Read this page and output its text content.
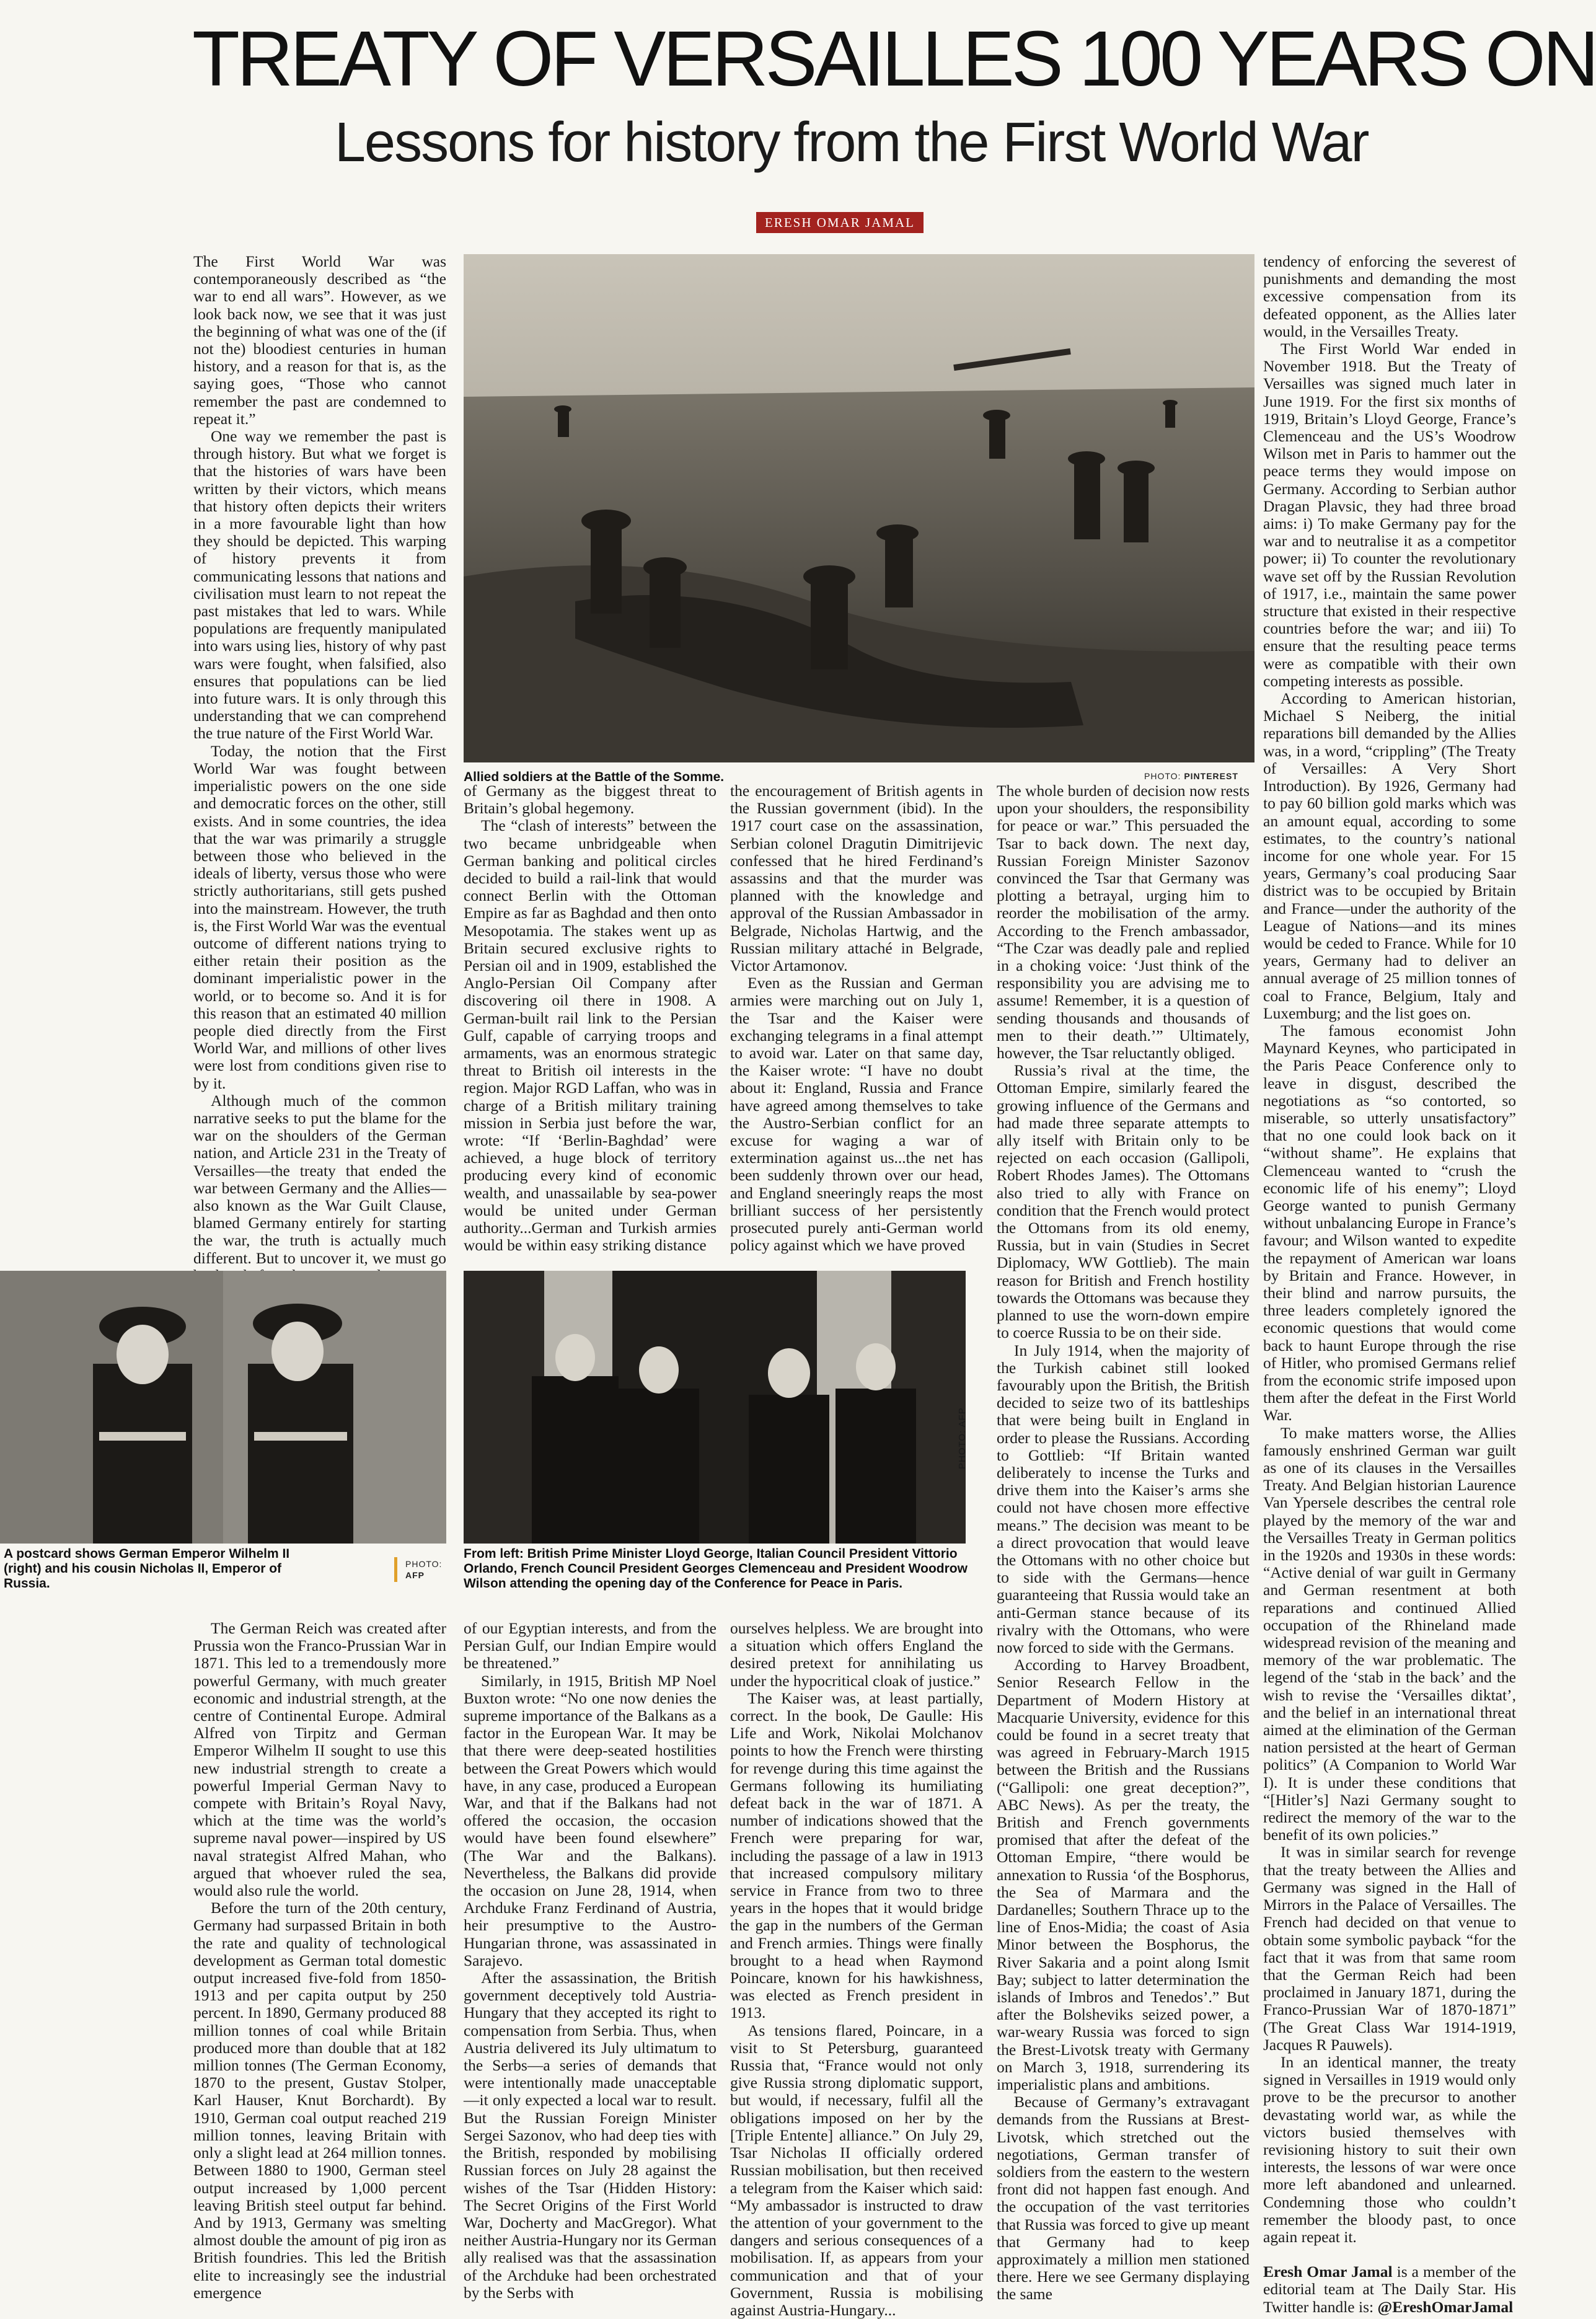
TREATY OF VERSAILLES 100 YEARS ON
Lessons for history from the First World War
ERESH OMAR JAMAL

The First World War was contemporaneously described as “the war to end all wars”. However, as we look back now, we see that it was just the beginning of what was one of the (if not the) bloodiest centuries in human history, and a reason for that is, as the saying goes, “Those who cannot remember the past are condemned to repeat it.”

One way we remember the past is through history. But what we forget is that the histories of wars have been written by their victors, which means that history often depicts their writers in a more favourable light than how they should be depicted. This warping of history prevents it from communicating lessons that nations and civilisation must learn to not repeat the past mistakes that led to wars. While populations are frequently manipulated into wars using lies, history of why past wars were fought, when falsified, also ensures that populations can be lied into future wars. It is only through this understanding that we can comprehend the true nature of the First World War.

Today, the notion that the First World War was fought between imperialistic powers on the one side and democratic forces on the other, still exists. And in some countries, the idea that the war was primarily a struggle between those who believed in the ideals of liberty, versus those who were strictly authoritarians, still gets pushed into the mainstream. However, the truth is, the First World War was the eventual outcome of different nations trying to either retain their position as the dominant imperialistic power in the world, or to become so. And it is for this reason that an estimated 40 million people died directly from the First World War, and millions of other lives were lost from conditions given rise to by it.

Although much of the common narrative seeks to put the blame for the war on the shoulders of the German nation, and Article 231 in the Treaty of Versailles—the treaty that ended the war between Germany and the Allies—also known as the War Guilt Clause, blamed Germany entirely for starting the war, the truth is actually much different. But to uncover it, we must go

Allied soldiers at the Battle of the Somme.	PHOTO: PINTEREST

of Germany as the biggest threat to Britain’s global hegemony.

The “clash of interests” between the two became unbridgeable when German banking and political circles decided to build a rail-link that would connect Berlin with the Ottoman Empire as far as Baghdad and then onto Mesopotamia. The stakes went up as Britain secured exclusive rights to Persian oil and in 1909, established the Anglo-Persian Oil Company after discovering oil there in 1908. A German-built rail link to the Persian Gulf, capable of carrying troops and armaments, was an enormous strategic threat to British oil interests in the region. Major RGD Laffan, who was in charge of a British military training mission in Serbia just before the war, wrote: “If ‘Berlin-Baghdad’ were achieved, a huge block of territory producing every kind of economic wealth, and unassailable by sea-power would be united under German authority...German and Turkish armies would be within easy striking distance

the encouragement of British agents in the Russian government (ibid). In the 1917 court case on the assassination, Serbian colonel Dragutin Dimitrijevic confessed that he hired Ferdinand’s assassins and that the murder was planned with the knowledge and approval of the Russian Ambassador in Belgrade, Nicholas Hartwig, and the Russian military attaché in Belgrade, Victor Artamonov.

Even as the Russian and German armies were marching out on July 1, the Tsar and the Kaiser were exchanging telegrams in a final attempt to avoid war. Later on that same day, the Kaiser wrote: “I have no doubt about it: England, Russia and France have agreed among themselves to take the Austro-Serbian conflict for an excuse for waging a war of extermination against us...the net has been suddenly thrown over our head, and England sneeringly reaps the most brilliant success of her persistently prosecuted purely anti-German world policy against which we have proved

The whole burden of decision now rests upon your shoulders, the responsibility for peace or war.” This persuaded the Tsar to back down. The next day, Russian Foreign Minister Sazonov convinced the Tsar that Germany was plotting a betrayal, urging him to reorder the mobilisation of the army. According to the French ambassador, “The Czar was deadly pale and replied in a choking voice: ‘Just think of the responsibility you are advising me to assume! Remember, it is a question of sending thousands and thousands of men to their death.’” Ultimately, however, the Tsar reluctantly obliged.

Russia’s rival at the time, the Ottoman Empire, similarly feared the growing influence of the Germans and had made three separate attempts to ally itself with Britain only to be rejected on each occasion (Gallipoli, Robert Rhodes James). The Ottomans also tried to ally with France on condition that the French would protect the Ottomans from its old enemy, Russia, but in vain (Studies in Secret Diplomacy, WW Gottlieb). The main reason for British and French hostility towards the Ottomans was because they planned to use the worn-down empire to coerce Russia to be on their side.

In July 1914, when the majority of the Turkish cabinet still looked favourably upon the British, the British decided to seize two of its battleships that were being built in England in order to please the Russians. According to Gottlieb: “If Britain wanted deliberately to incense the Turks and drive them into the Kaiser’s arms she could not have chosen more effective means.” The decision was meant to be a direct provocation that would leave the Ottomans with no other choice but to side with the Germans—hence guaranteeing that Russia would take an anti-German stance because of its rivalry with the Ottomans, who were now forced to side with the Germans.

According to Harvey Broadbent, Senior Research Fellow in the Department of Modern History at Macquarie University, evidence for this could be found in a secret treaty that was agreed in February-March 1915 between the British and the Russians (“Gallipoli: one great deception?”, ABC News). As per the treaty, the British and French governments promised that after the defeat of the Ottoman Empire, “there would be annexation to Russia ‘of the Bosphorus, the Sea of Marmara and the Dardanelles; Southern Thrace up to the line of Enos-Midia; the coast of Asia Minor between the Bosphorus, the River Sakaria and a point along Ismit Bay; subject to latter determination the islands of Imbros and Tenedos’.” But after the Bolsheviks seized power, a war-weary Russia was forced to sign the Brest-Livotsk treaty with Germany on March 3, 1918, surrendering its imperialistic plans and ambitions.

Because of Germany’s extravagant demands from the Russians at Brest-Livotsk, which stretched out the negotiations, German transfer of soldiers from the eastern to the western front did not happen fast enough. And the occupation of the vast territories that Russia was forced to give up meant that Germany had to keep approximately a million men stationed there. Here we see Germany displaying the same

tendency of enforcing the severest of punishments and demanding the most excessive compensation from its defeated opponent, as the Allies later would, in the Versailles Treaty.

The First World War ended in November 1918. But the Treaty of Versailles was signed much later in June 1919. For the first six months of 1919, Britain’s Lloyd George, France’s Clemenceau and the US’s Woodrow Wilson met in Paris to hammer out the peace terms they would impose on Germany. According to Serbian author Dragan Plavsic, they had three broad aims: i) To make Germany pay for the war and to neutralise it as a competitor power; ii) To counter the revolutionary wave set off by the Russian Revolution of 1917, i.e., maintain the same power structure that existed in their respective countries before the war; and iii) To ensure that the resulting peace terms were as compatible with their own competing interests as possible.

According to American historian, Michael S Neiberg, the initial reparations bill demanded by the Allies was, in a word, “crippling” (The Treaty of Versailles: A Very Short Introduction). By 1926, Germany had to pay 60 billion gold marks which was an amount equal, according to some estimates, to the country’s national income for one whole year. For 15 years, Germany’s coal producing Saar district was to be occupied by Britain and France—under the authority of the League of Nations—and its mines would be ceded to France. While for 10 years, Germany had to deliver an annual average of 25 million tonnes of coal to France, Belgium, Italy and Luxemburg; and the list goes on.

The famous economist John Maynard Keynes, who participated in the Paris Peace Conference only to leave in disgust, described the negotiations as “so contorted, so miserable, so utterly unsatisfactory” that no one could look back on it “without shame”. He explains that Clemenceau wanted to “crush the economic life of his enemy”; Lloyd George wanted to punish Germany without unbalancing Europe in France’s favour; and Wilson wanted to expedite the repayment of American war loans by Britain and France. However, in their blind and narrow pursuits, the three leaders completely ignored the economic questions that would come back to haunt Europe through the rise of Hitler, who promised Germans relief from the economic strife imposed upon them after the defeat in the First World War.

To make matters worse, the Allies famously enshrined German war guilt as one of its clauses in the Versailles Treaty. And Belgian historian Laurence Van Ypersele describes the central role played by the memory of the war and the Versailles Treaty in German politics in the 1920s and 1930s in these words: “Active denial of war guilt in Germany and German resentment at both reparations and continued Allied occupation of the Rhineland made widespread revision of the meaning and memory of the war problematic. The legend of the ‘stab in the back’ and the wish to revise the ‘Versailles diktat’, and the belief in an international threat aimed at the elimination of the German nation persisted at the heart of German politics” (A Companion to World War I). It is under these conditions that “[Hitler’s] Nazi Germany sought to redirect the memory of the war to the benefit of its own policies.”

It was in similar search for revenge that the treaty between the Allies and Germany was signed in the Hall of Mirrors in the Palace of Versailles. The French had decided on that venue to obtain some symbolic payback “for the fact that it was from that same room that the German Reich had been proclaimed in January 1871, during the Franco-Prussian War of 1870-1871” (The Great Class War 1914-1919, Jacques R Pauwels).

In an identical manner, the treaty signed in Versailles in 1919 would only prove to be the precursor to another devastating world war, as while the victors busied themselves with revisioning history to suit their own interests, the lessons of war were once more left abandoned and unlearned. Condemning those who couldn’t remember the bloody past, to once again repeat it.

Eresh Omar Jamal is a member of the editorial team at The Daily Star. His Twitter handle is: @EreshOmarJamal

A postcard shows German Emperor Wilhelm II (right) and his cousin Nicholas II, Emperor of Russia.
PHOTO:
AFP
PHOTO: AFP
From left: British Prime Minister Lloyd George, Italian Council President Vittorio Orlando, French Council President Georges Clemenceau and President Woodrow Wilson attending the opening day of the Conference for Peace in Paris.

The German Reich was created after Prussia won the Franco-Prussian War in 1871. This led to a tremendously more powerful Germany, with much greater economic and industrial strength, at the centre of Continental Europe. Admiral Alfred von Tirpitz and German Emperor Wilhelm II sought to use this new industrial strength to create a powerful Imperial German Navy to compete with Britain’s Royal Navy, which at the time was the world’s supreme naval power—inspired by US naval strategist Alfred Mahan, who argued that whoever ruled the sea, would also rule the world.

Before the turn of the 20th century, Germany had surpassed Britain in both the rate and quality of technological development as German total domestic output increased five-fold from 1850-1913 and per capita output by 250 percent. In 1890, Germany produced 88 million tonnes of coal while Britain produced more than double that at 182 million tonnes (The German Economy, 1870 to the present, Gustav Stolper, Karl Hauser, Knut Borchardt). By 1910, German coal output reached 219 million tonnes, leaving Britain with only a slight lead at 264 million tonnes. Between 1880 to 1900, German steel output increased by 1,000 percent leaving British steel output far behind. And by 1913, Germany was smelting almost double the amount of pig iron as British foundries. This led the British elite to increasingly see the industrial emergence

of our Egyptian interests, and from the Persian Gulf, our Indian Empire would be threatened.”

Similarly, in 1915, British MP Noel Buxton wrote: “No one now denies the supreme importance of the Balkans as a factor in the European War. It may be that there were deep-seated hostilities between the Great Powers which would have, in any case, produced a European War, and that if the Balkans had not offered the occasion, the occasion would have been found elsewhere” (The War and the Balkans). Nevertheless, the Balkans did provide the occasion on June 28, 1914, when Archduke Franz Ferdinand of Austria, heir presumptive to the Austro-Hungarian throne, was assassinated in Sarajevo.

After the assassination, the British government deceptively told Austria-Hungary that they accepted its right to compensation from Serbia. Thus, when Austria delivered its July ultimatum to the Serbs—a series of demands that were intentionally made unacceptable—it only expected a local war to result. But the Russian Foreign Minister Sergei Sazonov, who had deep ties with the British, responded by mobilising Russian forces on July 28 against the wishes of the Tsar (Hidden History: The Secret Origins of the First World War, Docherty and MacGregor). What neither Austria-Hungary nor its German ally realised was that the assassination of the Archduke had been orchestrated by the Serbs with

ourselves helpless. We are brought into a situation which offers England the desired pretext for annihilating us under the hypocritical cloak of justice.”

The Kaiser was, at least partially, correct. In the book, De Gaulle: His Life and Work, Nikolai Molchanov points to how the French were thirsting for revenge during this time against the Germans following its humiliating defeat back in the war of 1871. A number of indications showed that the French were preparing for war, including the passage of a law in 1913 that increased compulsory military service in France from two to three years in the hopes that it would bridge the gap in the numbers of the German and French armies. Things were finally brought to a head when Raymond Poincare, known for his hawkishness, was elected as French president in 1913.

As tensions flared, Poincare, in a visit to St Petersburg, guaranteed Russia that, “France would not only give Russia strong diplomatic support, but would, if necessary, fulfil all the obligations imposed on her by the [Triple Entente] alliance.” On July 29, Tsar Nicholas II officially ordered Russian mobilisation, but then received a telegram from the Kaiser which said: “My ambassador is instructed to draw the attention of your government to the dangers and serious consequences of a mobilisation. If, as appears from your communication and that of your Government, Russia is mobilising against Austria-Hungary...
